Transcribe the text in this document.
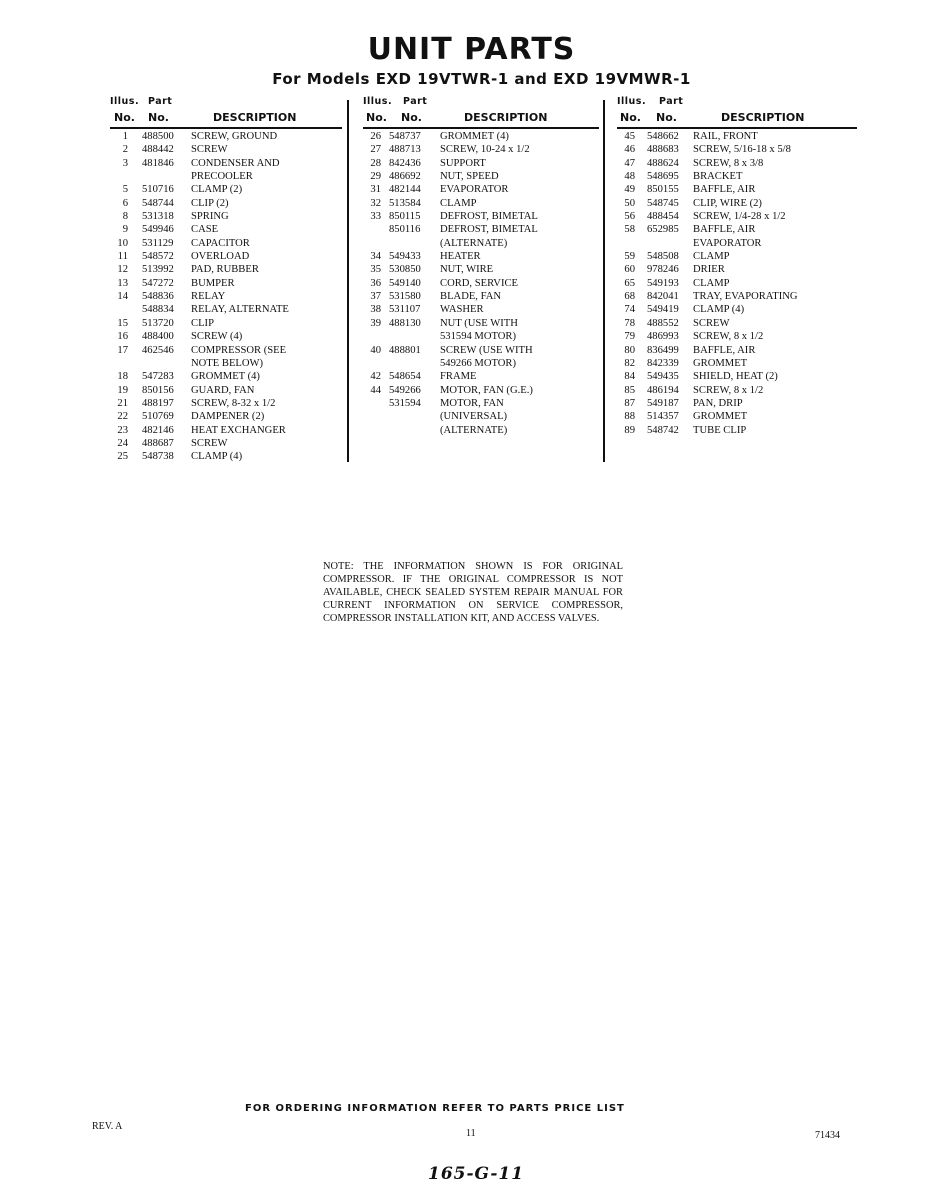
UNIT PARTS
For Models EXD 19VTWR-1 and EXD 19VMWR-1
Illus. Part
No. No.	DESCRIPTION
1 488500 SCREW, GROUND
2 488442 SCREW
3 481846 CONDENSER AND
PRECOOLER
5 510716 CLAMP (2)
6 548744 CLIP (2)
8 531318 SPRING
9 549946 CASE
10 531129 CAPACITOR
11 548572 OVERLOAD
12 513992 PAD, RUBBER
13 547272 BUMPER
14 548836 RELAY
548834 RELAY, ALTERNATE
15 513720 CLIP
16 488400 SCREW (4)
17 462546 COMPRESSOR (SEE
NOTE BELOW)
18 547283 GROMMET (4)
19 850156 GUARD, FAN
21 488197 SCREW, 8-32 x 1/2
22 510769 DAMPENER (2)
23 482146 HEAT EXCHANGER
24 488687 SCREW
25 548738 CLAMP (4)
Illus. Part
No. No.	DESCRIPTION
26 548737 GROMMET (4)
27 488713 SCREW, 10-24 x 1/2
28 842436 SUPPORT
29 486692 NUT, SPEED
31 482144 EVAPORATOR
32 513584 CLAMP
33 850115 DEFROST, BIMETAL
850116 DEFROST, BIMETAL
(ALTERNATE)
34 549433 HEATER
35 530850 NUT, WIRE
36 549140 CORD, SERVICE
37 531580 BLADE, FAN
38 531107 WASHER
39 488130 NUT (USE WITH
531594 MOTOR)
40 488801 SCREW (USE WITH
549266 MOTOR)
42 548654 FRAME
44 549266 MOTOR, FAN (G.E.)
531594 MOTOR, FAN
(UNIVERSAL)
(ALTERNATE)
Illus. Part
No. No.	DESCRIPTION
45 548662 RAIL, FRONT
46 488683 SCREW, 5/16-18 x 5/8
47 488624 SCREW, 8 x 3/8
48 548695 BRACKET
49 850155 BAFFLE, AIR
50 548745 CLIP, WIRE (2)
56 488454 SCREW, 1/4-28 x 1/2
58 652985 BAFFLE, AIR
EVAPORATOR
59 548508 CLAMP
60 978246 DRIER
65 549193 CLAMP
68 842041 TRAY, EVAPORATING
74 549419 CLAMP (4)
78 488552 SCREW
79 486993 SCREW, 8 x 1/2
80 836499 BAFFLE, AIR
82 842339 GROMMET
84 549435 SHIELD, HEAT (2)
85 486194 SCREW, 8 x 1/2
87 549187 PAN, DRIP
88 514357 GROMMET
89 548742 TUBE CLIP
NOTE: THE INFORMATION SHOWN IS FOR ORIGINAL COMPRESSOR. IF THE ORIGINAL COMPRESSOR IS NOT AVAILABLE, CHECK SEALED SYSTEM REPAIR MANUAL FOR CURRENT INFORMATION ON SERVICE COMPRESSOR, COMPRESSOR INSTALLATION KIT, AND ACCESS VALVES.
FOR ORDERING INFORMATION REFER TO PARTS PRICE LIST
REV. A
11	71434
165-G-11
